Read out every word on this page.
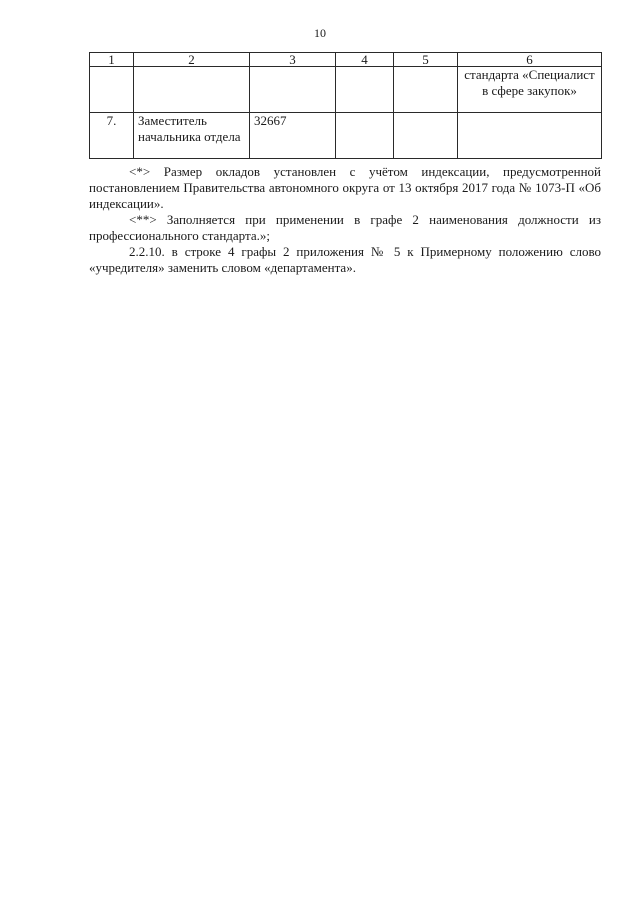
10
1	2	3	4	5	6
					стандарта «Специалист в сфере закупок»
7.	Заместитель начальника отдела	32667			

<*> Размер окладов установлен с учётом индексации, предусмотренной постановлением Правительства автономного округа от 13 октября 2017 года № 1073-П «Об индексации».

<**> Заполняется при применении в графе 2 наименования должности из профессионального стандарта.»;

2.2.10. в строке 4 графы 2 приложения № 5 к Примерному положению слово «учредителя» заменить словом «департамента».
